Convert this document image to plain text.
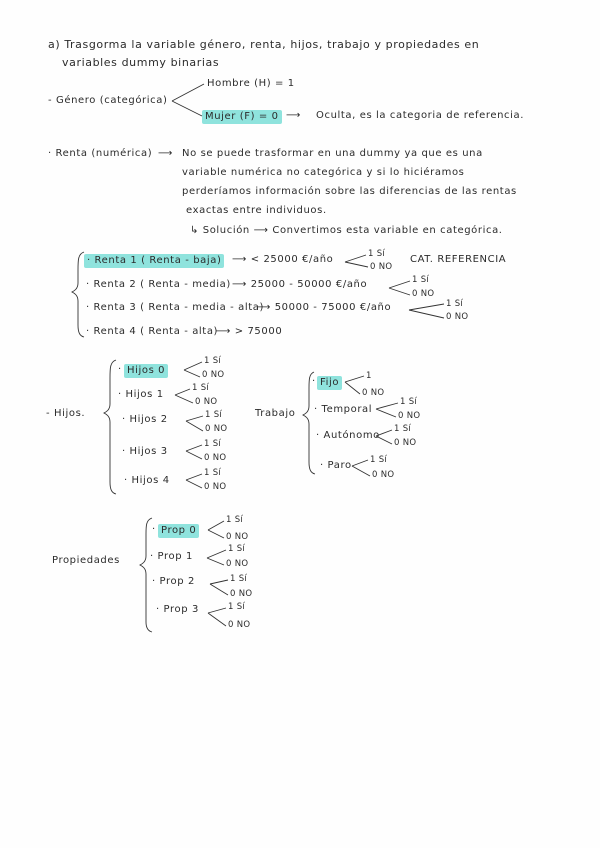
a) Trasgorma la variable género, renta, hijos, trabajo y propiedades en
variables dummy binarias
- Género (categórica)
Hombre (H) = 1
Mujer (F) = 0 ⟶ Oculta, es la categoria de referencia.
· Renta (numérica) ⟶ No se puede trasformar en una dummy ya que es una
variable numérica no categórica y si lo hiciéramos
perderíamos información sobre las diferencias de las rentas
exactas entre individuos.
↳ Solución ⟶ Convertimos esta variable en categórica.
· Renta 1 ( Renta - baja)	⟶ < 25000 €/año	1 Sí
0 NO
CAT. REFERENCIA
· Renta 2 ( Renta - media) ⟶ 25000 - 50000 €/año	1 Sí
0 NO
· Renta 3 ( Renta - media - alta)
⟶ 50000 - 75000 €/año	1 Sí
0 NO
· Renta 4 ( Renta - alta)
⟶ > 75000
- Hijos.
· Hijos 0
1 Sí
0 NO
· Hijos 1
1 Sí
0 NO
· Hijos 2	1 Sí
0 NO
· Hijos 3
1 Sí
0 NO
· Hijos 4
1 Sí
0 NO
Trabajo
· Fijo
1
0 NO
· Temporal
1 Sí
0 NO
· Autónomo
1 Sí
0 NO
· Paro 1 Sí
0 NO
Propiedades
· Prop 0
1 Sí
0 NO
· Prop 1
1 Sí
0 NO
· Prop 2	1 Sí
0 NO
· Prop 3	1 Sí
0 NO
